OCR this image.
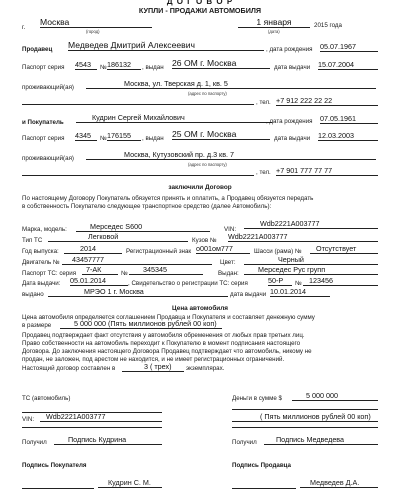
Д О Г О В О Р
КУПЛИ - ПРОДАЖИ АВТОМОБИЛЯ
г.
Москва
(город)
1 января	2015 года
(дата)
Продавец Медведев Дмитрий Алексеевич	, дата рождения 05.07.1967
Паспорт серия 4543	№ 186132	, выдан 26 ОМ г. Москва	дата выдачи 15.07.2004
проживающий(ая)	Москва, ул. Тверская д. 1, кв. 5
(адрес по паспорту)
, тел. +7 912 222 22 22
и Покупатель
Кудрин Сергей Михайлович	, дата рождения 07.05.1961
Паспорт серия 4345	№ 176155	, выдан 25 ОМ г. Москва	дата выдачи 12.03.2003
проживающий(ая)	Москва, Кутузовский пр. д.3 кв. 7
(адрес по паспорту)
, тел. +7 901 777 77 77
заключили Договор
По настоящему Договору Покупатель обязуется принять и оплатить, а Продавец обязуется передать
в собственность Покупателю следующее транспортное средство (далее Автомобиль):
Марка, модель:	Мерседес S600	VIN:
Wdb2221A003777
Тип ТС	Легковой	Кузов № Wdb2221A003777
Год выпуска:	2014	Регистрационный знак о001ом777	Шасси (рама) №	Отсутствует
Двигатель №	43457777	Цвет:	Черный
Паспорт ТС: серия	7-АК	№	345345	Выдан:	Мерседес Рус групп
Дата выдачи: 05.01.2014	, Свидетельство о регистрации ТС: серия	50-Р	№	123456
выдано	МРЭО 1 г. Москва	дата выдачи 10.01.2014
Цена автомобиля
Цена автомобиля определяется соглашением Продавца и Покупателя и составляет денежную сумму
в размере	5 000 000 (Пять миллионов рублей 00 коп)
Продавец подтверждает факт отсутствия у автомобиля обременения от любых прав третьих лиц.
Право собственности на автомобиль переходит к Покупателю в момент подписания настоящего
Договора. До заключения настоящего Договора Продавец подтверждает что автомобиль, никому не
продан, не заложен, под арестом не находится, и не имеет регистрационных ограничений.
Настоящий договор составлен в	3 ( трех)	экземплярах.
ТС (автомобиль)
VIN:	Wdb2221A003777
Получил	Подпись Кудрина
Деньги в сумме $	5 000 000
( Пять миллионов рублей 00 коп)
Получил	Подпись Медведева
Подпись Покупателя
Кудрин С. М.
Подпись Продавца
Медведев Д.А.
